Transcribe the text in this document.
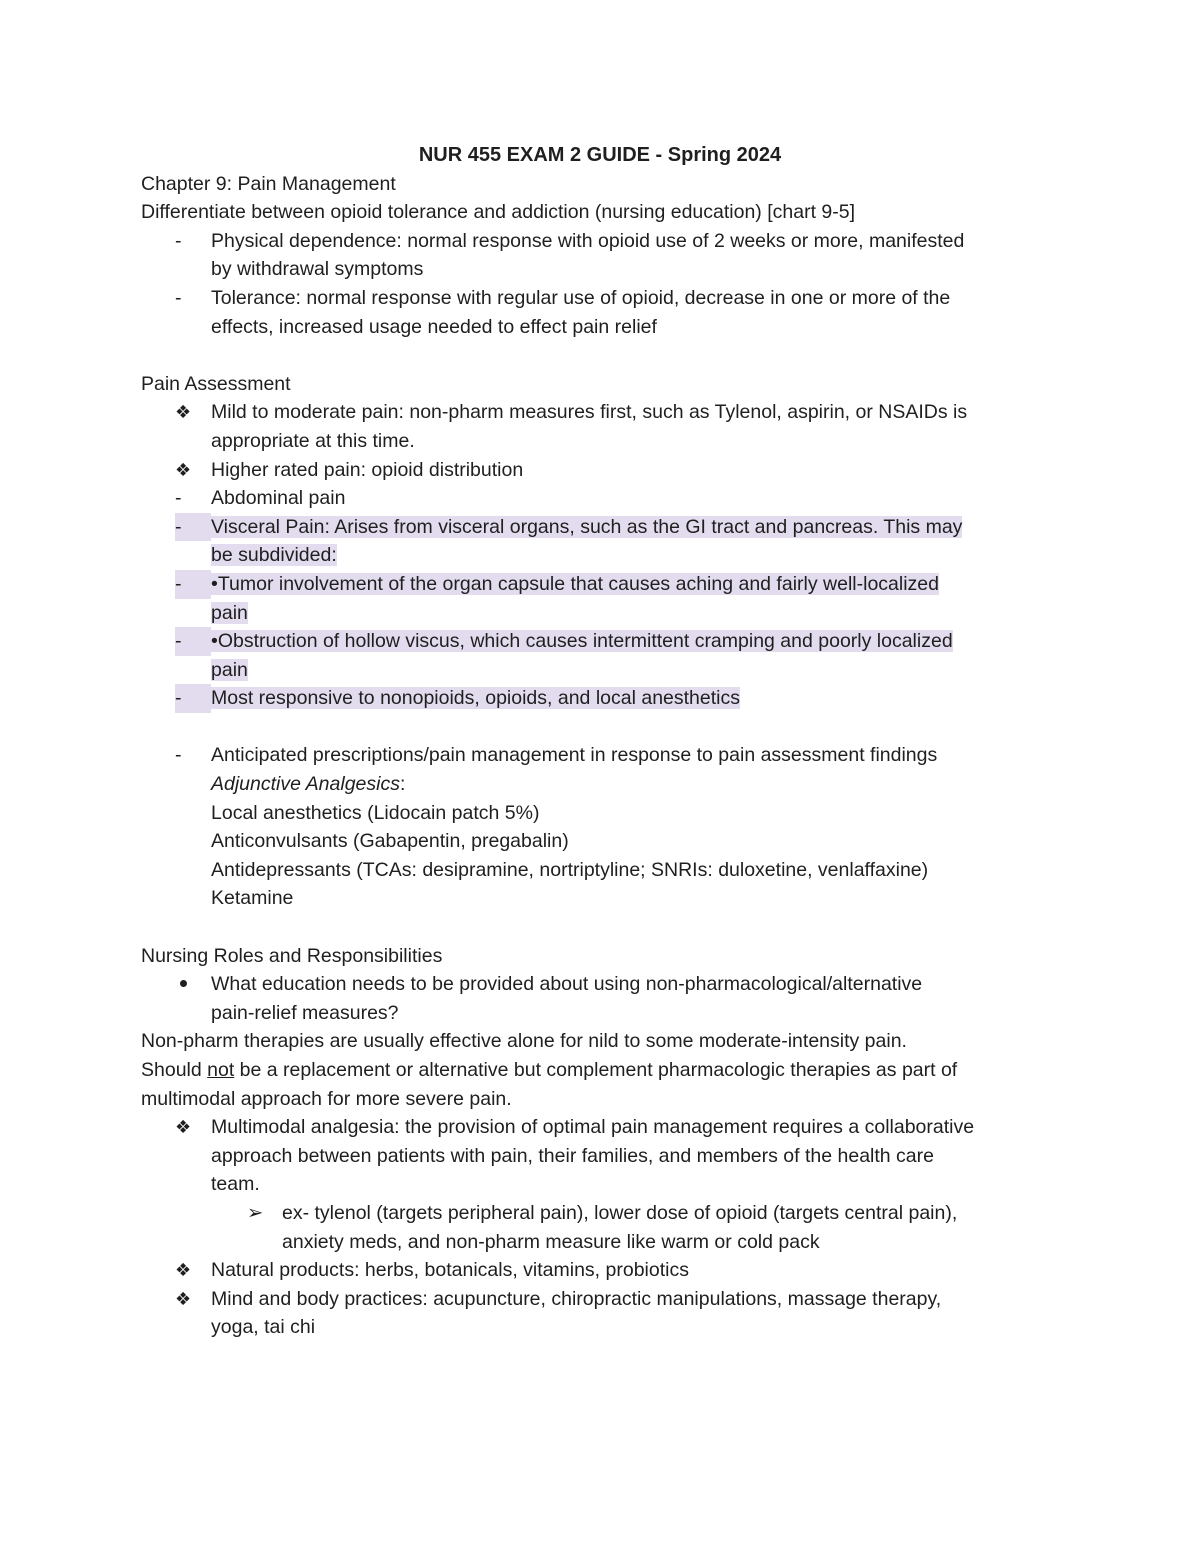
NUR 455 EXAM 2 GUIDE - Spring 2024
Chapter 9: Pain Management
Differentiate between opioid tolerance and addiction (nursing education) [chart 9-5]
-	Physical dependence: normal response with opioid use of 2 weeks or more, manifested
by withdrawal symptoms
-	Tolerance: normal response with regular use of opioid, decrease in one or more of the
effects, increased usage needed to effect pain relief
Pain Assessment
❖	Mild to moderate pain: non-pharm measures first, such as Tylenol, aspirin, or NSAIDs is
appropriate at this time.
❖	Higher rated pain: opioid distribution
-	Abdominal pain
-	Visceral Pain: Arises from visceral organs, such as the GI tract and pancreas. This may
be subdivided:
-	•Tumor involvement of the organ capsule that causes aching and fairly well-localized
pain
-	•Obstruction of hollow viscus, which causes intermittent cramping and poorly localized
pain
-	Most responsive to nonopioids, opioids, and local anesthetics
-	Anticipated prescriptions/pain management in response to pain assessment findings
Adjunctive Analgesics:
Local anesthetics (Lidocain patch 5%)
Anticonvulsants (Gabapentin, pregabalin)
Antidepressants (TCAs: desipramine, nortriptyline; SNRIs: duloxetine, venlaffaxine)
Ketamine
Nursing Roles and Responsibilities
What education needs to be provided about using non-pharmacological/alternative
pain-relief measures?
Non-pharm therapies are usually effective alone for nild to some moderate-intensity pain.
Should not be a replacement or alternative but complement pharmacologic therapies as part of
multimodal approach for more severe pain.
❖	Multimodal analgesia: the provision of optimal pain management requires a collaborative
approach between patients with pain, their families, and members of the health care
team.
➢ ex- tylenol (targets peripheral pain), lower dose of opioid (targets central pain),
anxiety meds, and non-pharm measure like warm or cold pack
❖	Natural products: herbs, botanicals, vitamins, probiotics
❖	Mind and body practices: acupuncture, chiropractic manipulations, massage therapy,
yoga, tai chi
